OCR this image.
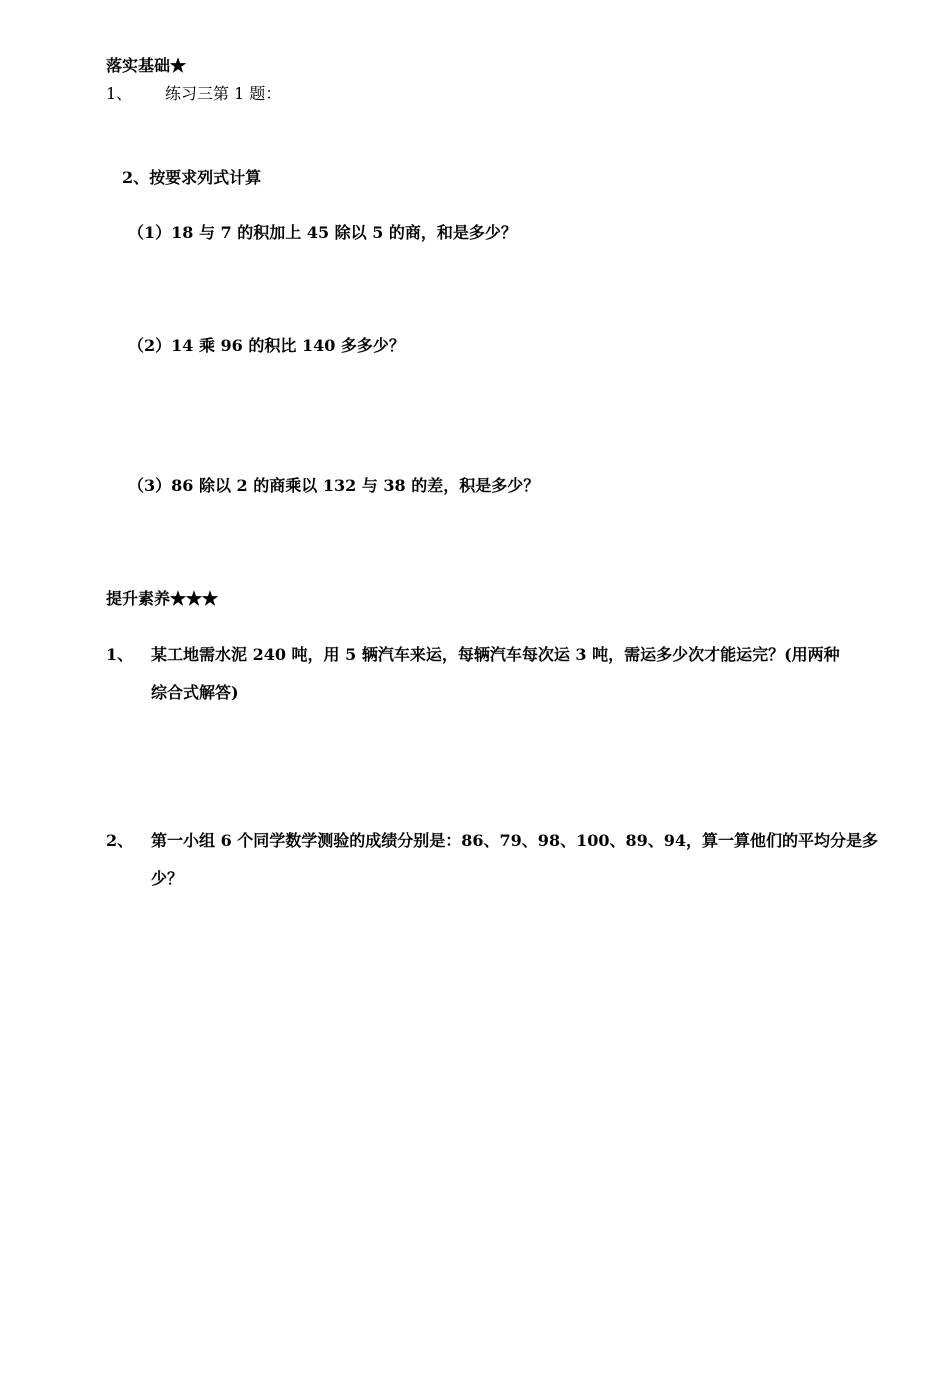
落实基础★
1、 练习三第 1 题：
2、按要求列式计算
（1）18 与 7 的积加上 45 除以 5 的商，和是多少？
（2）14 乘 96 的积比 140 多多少？
（3）86 除以 2 的商乘以 132 与 38 的差，积是多少？
提升素养★★★
1、 某工地需水泥 240 吨，用 5 辆汽车来运，每辆汽车每次运 3 吨，需运多少次才能运完？(用两种
综合式解答)
2、 第一小组 6 个同学数学测验的成绩分别是：86、79、98、100、89、94，算一算他们的平均分是多
少？
